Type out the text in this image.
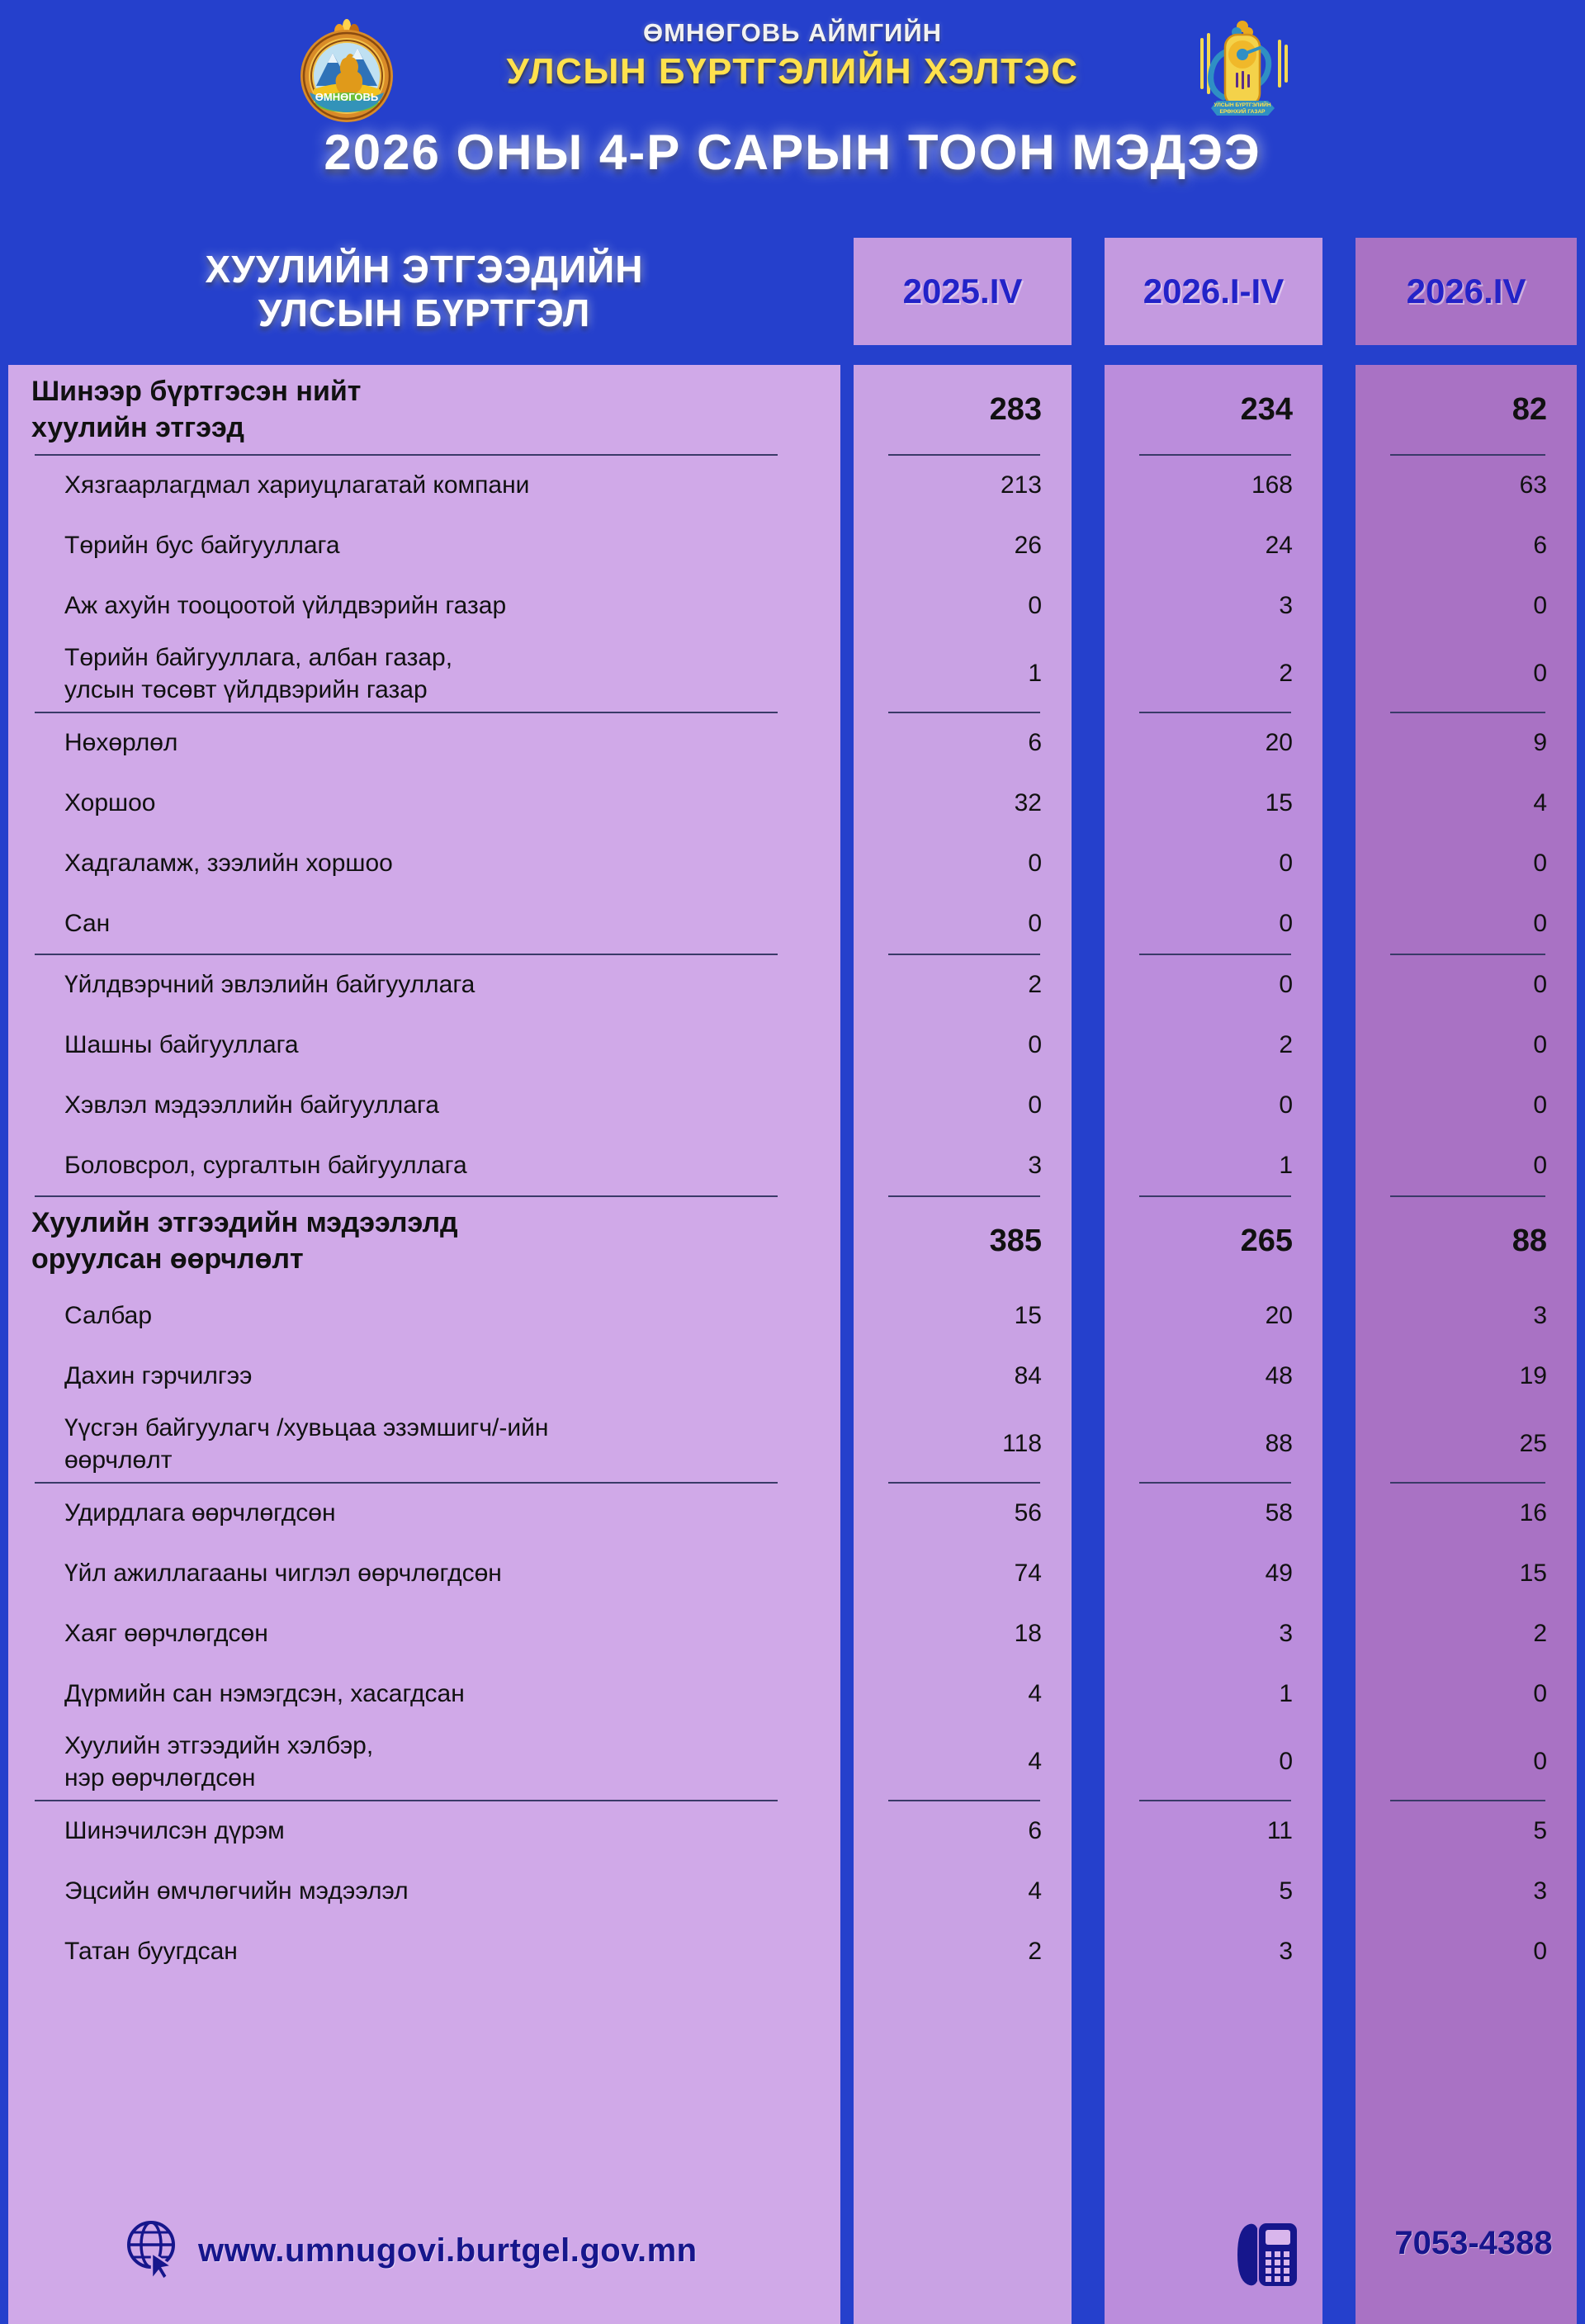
ӨМНӨГОВЬ
ӨМНӨГОВЬ АЙМГИЙН
УЛСЫН БҮРТГЭЛИЙН ХЭЛТЭС
УЛСЫН БҮРТГЭЛИЙН
ЕРӨНХИЙ ГАЗАР
2026 ОНЫ 4-Р САРЫН ТООН МЭДЭЭ
ХУУЛИЙН ЭТГЭЭДИЙН
УЛСЫН БҮРТГЭЛ
2025.IV	2026.I-IV	2026.IV
Шинээр бүртгэсэн нийт
хуулийн этгээд
283	234	82
Хязгаарлагдмал хариуцлагатай компани	213	168	63
Төрийн бус байгууллага	26	24	6
Аж ахуйн тооцоотой үйлдвэрийн газар	0	3	0
Төрийн байгууллага, албан газар,
улсын төсөвт үйлдвэрийн газар
1	2	0
Нөхөрлөл	6	20	9
Хоршоо	32	15	4
Хадгаламж, зээлийн хоршоо	0	0	0
Сан	0	0	0
Үйлдвэрчний эвлэлийн байгууллага	2	0	0
Шашны байгууллага	0	2	0
Хэвлэл мэдээллийн байгууллага	0	0	0
Боловсрол, сургалтын байгууллага	3	1	0
Хуулийн этгээдийн мэдээлэлд
оруулсан өөрчлөлт
385	265	88
Салбар	15	20	3
Дахин гэрчилгээ	84	48	19
Үүсгэн байгуулагч /хувьцаа эзэмшигч/-ийн
өөрчлөлт
118	88	25
Удирдлага өөрчлөгдсөн	56	58	16
Үйл ажиллагааны чиглэл өөрчлөгдсөн	74	49	15
Хаяг өөрчлөгдсөн	18	3	2
Дүрмийн сан нэмэгдсэн, хасагдсан	4	1	0
Хуулийн этгээдийн хэлбэр,
нэр өөрчлөгдсөн
4	0	0
Шинэчилсэн дүрэм	6	11	5
Эцсийн өмчлөгчийн мэдээлэл	4	5	3
Татан буугдсан	2	3	0
www.umnugovi.burtgel.gov.mn	7053-4388
